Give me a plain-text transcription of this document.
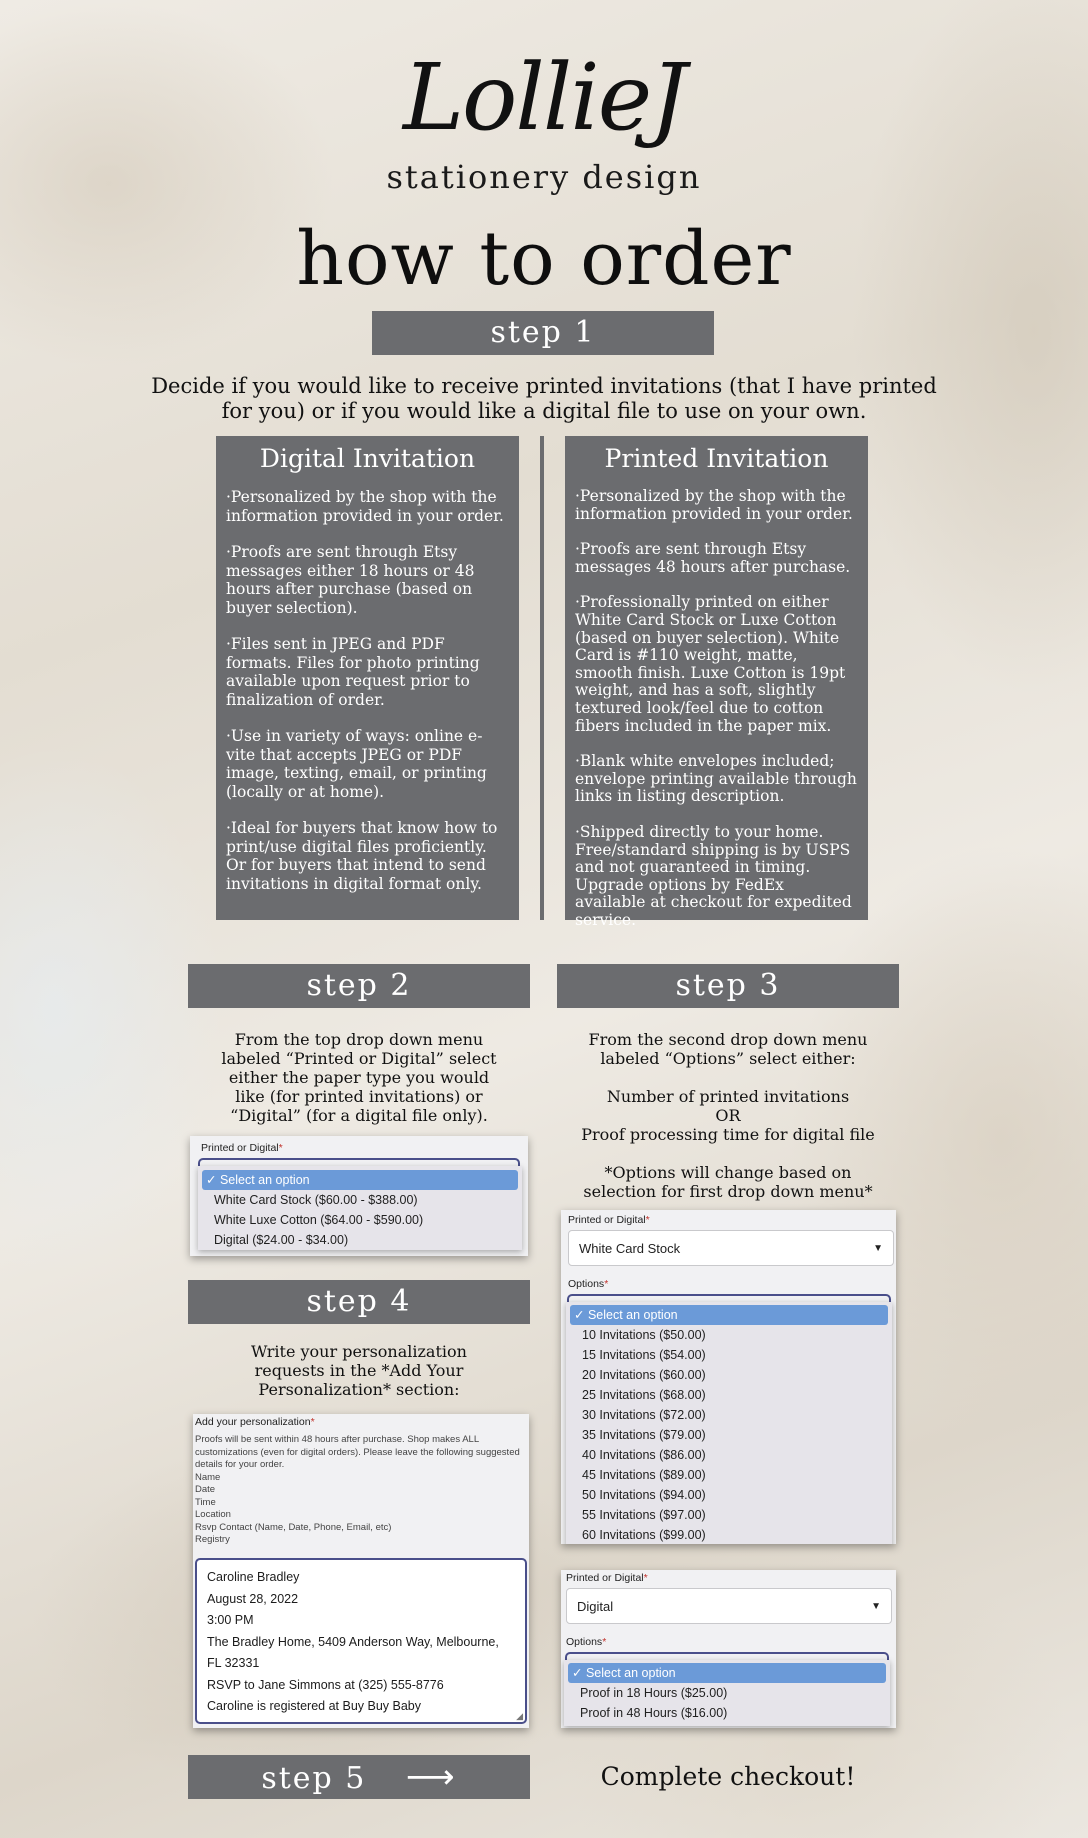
LollieJ
stationery design
how to order
step 1
Decide if you would like to receive printed invitations (that I have printed for you) or if you would like a digital file to use on your own.
Digital Invitation

·Personalized by the shop with the information provided in your order.

·Proofs are sent through Etsy messages either 18 hours or 48 hours after purchase (based on buyer selection).

·Files sent in JPEG and PDF formats. Files for photo printing available upon request prior to finalization of order.

·Use in variety of ways: online e-vite that accepts JPEG or PDF image, texting, email, or printing (locally or at home).

·Ideal for buyers that know how to print/use digital files proficiently. Or for buyers that intend to send invitations in digital format only.

Printed Invitation

·Personalized by the shop with the information provided in your order.

·Proofs are sent through Etsy messages 48 hours after purchase.

·Professionally printed on either White Card Stock or Luxe Cotton (based on buyer selection). White Card is #110 weight, matte, smooth finish. Luxe Cotton is 19pt weight, and has a soft, slightly textured look/feel due to cotton fibers included in the paper mix.

·Blank white envelopes included; envelope printing available through links in listing description.

·Shipped directly to your home. Free/standard shipping is by USPS and not guaranteed in timing. Upgrade options by FedEx available at checkout for expedited service.

step 2
From the top drop down menu labeled “Printed or Digital” select either the paper type you would like (for printed invitations) or “Digital” (for a digital file only).
Printed or Digital*
✓ Select an option
White Card Stock ($60.00 - $388.00)
White Luxe Cotton ($64.00 - $590.00)
Digital ($24.00 - $34.00)
step 3
From the second drop down menu
labeled “Options” select either:
Number of printed invitations
OR
Proof processing time for digital file
*Options will change based on
selection for first drop down menu*
Printed or Digital*
White Card Stock	▼
Options*
✓ Select an option
10 Invitations ($50.00)
15 Invitations ($54.00)
20 Invitations ($60.00)
25 Invitations ($68.00)
30 Invitations ($72.00)
35 Invitations ($79.00)
40 Invitations ($86.00)
45 Invitations ($89.00)
50 Invitations ($94.00)
55 Invitations ($97.00)
60 Invitations ($99.00)
Printed or Digital*
Digital	▼
Options*
✓ Select an option
Proof in 18 Hours ($25.00)
Proof in 48 Hours ($16.00)
step 4
Write your personalization requests in the *Add Your Personalization* section:
Add your personalization*
Proofs will be sent within 48 hours after purchase. Shop makes ALL customizations (even for digital orders). Please leave the following suggested details for your order.
Name
Date
Time
Location
Rsvp Contact (Name, Date, Phone, Email, etc)
Registry
Caroline Bradley
August 28, 2022
3:00 PM
The Bradley Home, 5409 Anderson Way, Melbourne,
FL 32331
RSVP to Jane Simmons at (325) 555-8776
Caroline is registered at Buy Buy Baby
◢
step 5 ⟶	Complete checkout!
